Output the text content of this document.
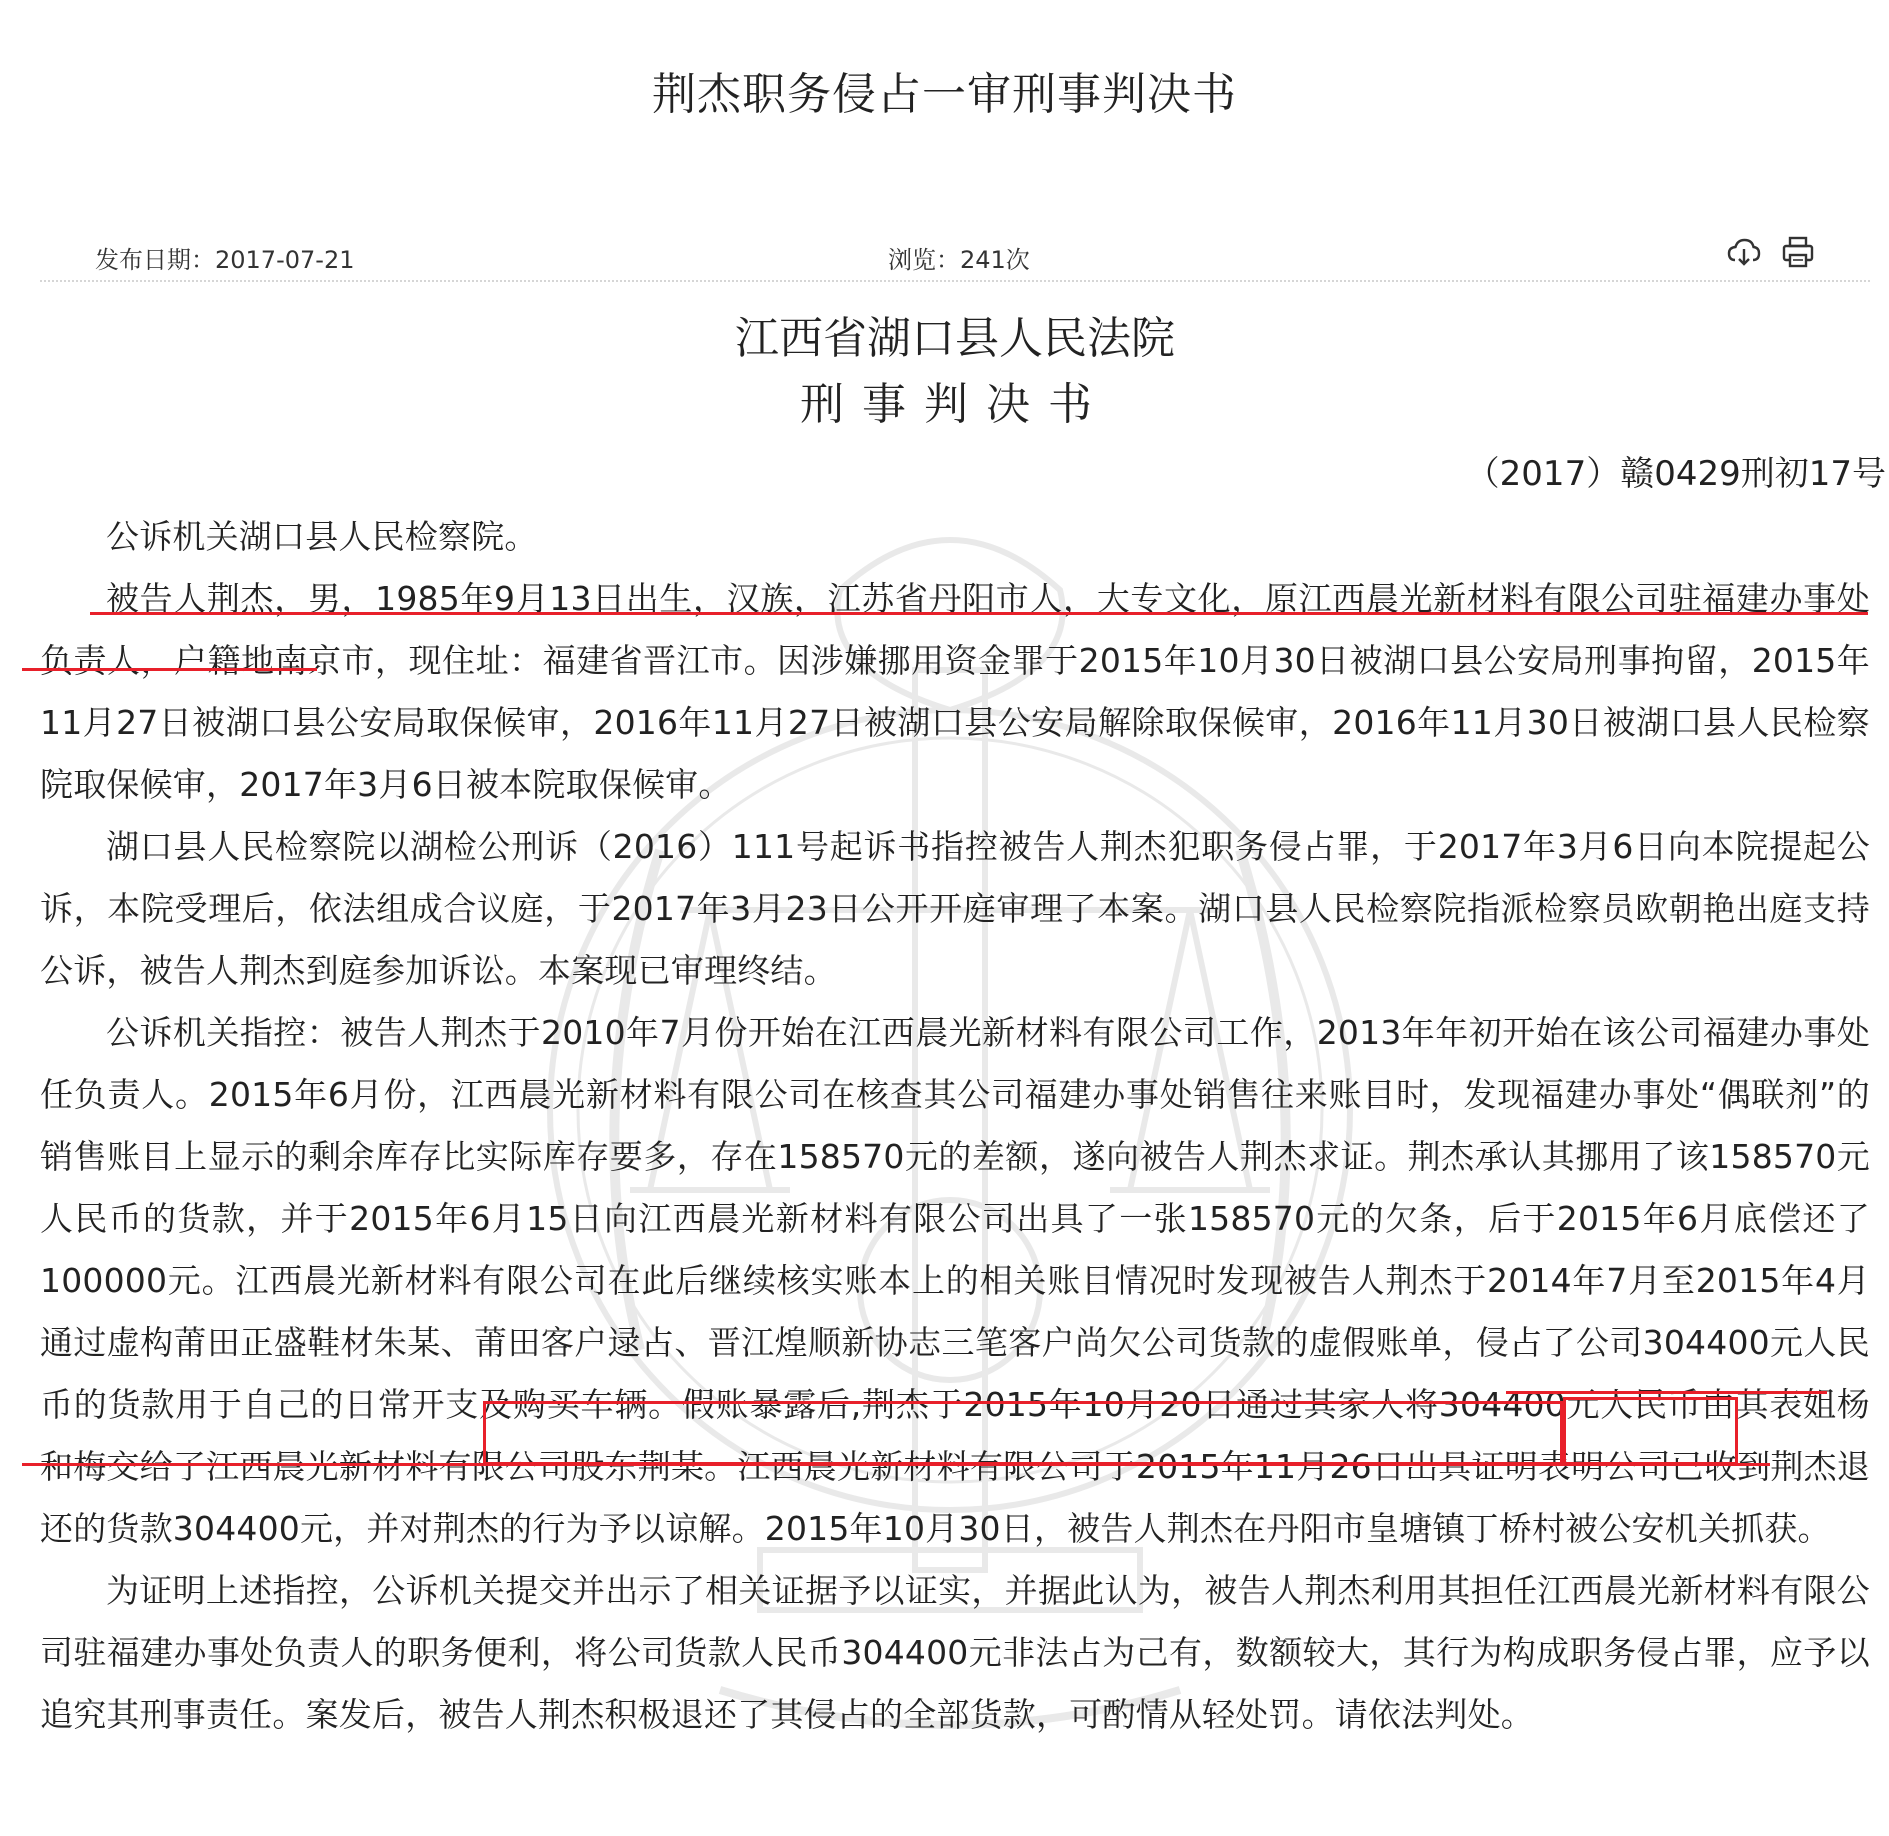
荆杰职务侵占一审刑事判决书
发布日期：2017-07-21	浏览：241次
江西省湖口县人民法院
刑事判决书
（2017）赣0429刑初17号

公诉机关湖口县人民检察院。

被告人荆杰，男，1985年9月13日出生，汉族，江苏省丹阳市人，大专文化，原江西晨光新材料有限公司驻福建办事处负责人，户籍地南京市，现住址：福建省晋江市。因涉嫌挪用资金罪于2015年10月30日被湖口县公安局刑事拘留，2015年11月27日被湖口县公安局取保候审，2016年11月27日被湖口县公安局解除取保候审，2016年11月30日被湖口县人民检察院取保候审，2017年3月6日被本院取保候审。

湖口县人民检察院以湖检公刑诉（2016）111号起诉书指控被告人荆杰犯职务侵占罪，于2017年3月6日向本院提起公诉，本院受理后，依法组成合议庭，于2017年3月23日公开开庭审理了本案。湖口县人民检察院指派检察员欧朝艳出庭支持公诉，被告人荆杰到庭参加诉讼。本案现已审理终结。

公诉机关指控：被告人荆杰于2010年7月份开始在江西晨光新材料有限公司工作，2013年年初开始在该公司福建办事处任负责人。2015年6月份，江西晨光新材料有限公司在核查其公司福建办事处销售往来账目时，发现福建办事处“偶联剂”的销售账目上显示的剩余库存比实际库存要多，存在158570元的差额，遂向被告人荆杰求证。荆杰承认其挪用了该158570元人民币的货款，并于2015年6月15日向江西晨光新材料有限公司出具了一张158570元的欠条，后于2015年6月底偿还了100000元。江西晨光新材料有限公司在此后继续核实账本上的相关账目情况时发现被告人荆杰于2014年7月至2015年4月通过虚构莆田正盛鞋材朱某、莆田客户逯占、晋江煌顺新协志三笔客户尚欠公司货款的虚假账单，侵占了公司304400元人民币的货款用于自己的日常开支及购买车辆。假账暴露后,荆杰于2015年10月20日通过其家人将304400元人民币由其表姐杨和梅交给了江西晨光新材料有限公司股东荆某。江西晨光新材料有限公司于2015年11月26日出具证明表明公司已收到荆杰退还的货款304400元，并对荆杰的行为予以谅解。2015年10月30日，被告人荆杰在丹阳市皇塘镇丁桥村被公安机关抓获。

为证明上述指控，公诉机关提交并出示了相关证据予以证实，并据此认为，被告人荆杰利用其担任江西晨光新材料有限公司驻福建办事处负责人的职务便利，将公司货款人民币304400元非法占为己有，数额较大，其行为构成职务侵占罪，应予以追究其刑事责任。案发后，被告人荆杰积极退还了其侵占的全部货款，可酌情从轻处罚。请依法判处。
